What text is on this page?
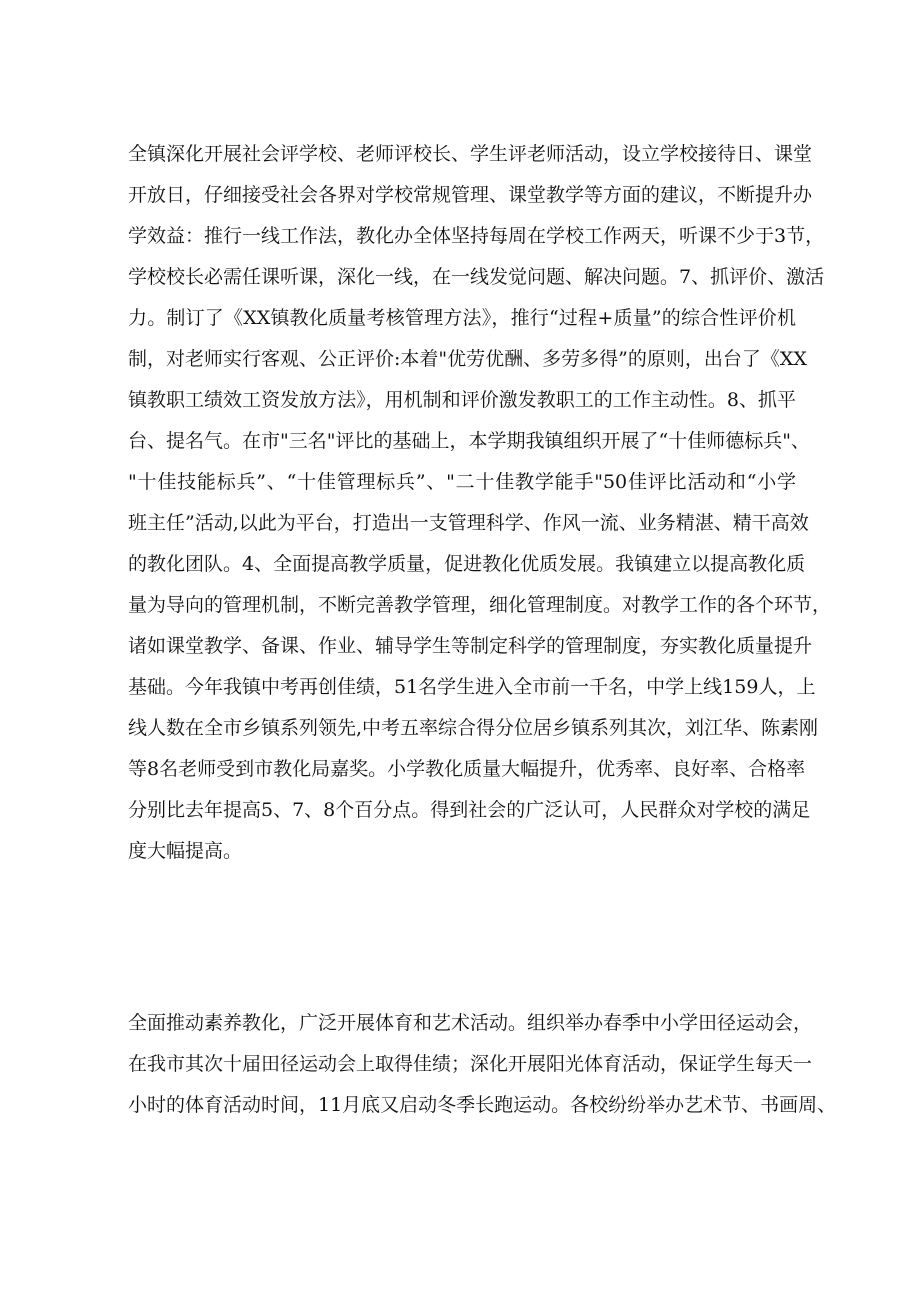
全镇深化开展社会评学校、老师评校长、学生评老师活动，设立学校接待日、课堂
开放日，仔细接受社会各界对学校常规管理、课堂教学等方面的建议，不断提升办
学效益：推行一线工作法，教化办全体坚持每周在学校工作两天，听课不少于3节，
学校校长必需任课听课，深化一线，在一线发觉问题、解决问题。7、抓评价、激活
力。制订了《XX镇教化质量考核管理方法》，推行“过程+质量”的综合性评价机
制，对老师实行客观、公正评价:本着"优劳优酬、多劳多得”的原则，出台了《XX
镇教职工绩效工资发放方法》，用机制和评价激发教职工的工作主动性。8、抓平
台、提名气。在市"三名"评比的基础上，本学期我镇组织开展了“十佳师德标兵"、
"十佳技能标兵”、“十佳管理标兵”、"二十佳教学能手"50佳评比活动和“小学
班主任”活动,以此为平台，打造出一支管理科学、作风一流、业务精湛、精干高效
的教化团队。4、全面提高教学质量，促进教化优质发展。我镇建立以提高教化质
量为导向的管理机制，不断完善教学管理，细化管理制度。对教学工作的各个环节，
诸如课堂教学、备课、作业、辅导学生等制定科学的管理制度，夯实教化质量提升
基础。今年我镇中考再创佳绩，51名学生进入全市前一千名，中学上线159人，上
线人数在全市乡镇系列领先,中考五率综合得分位居乡镇系列其次，刘江华、陈素刚
等8名老师受到市教化局嘉奖。小学教化质量大幅提升，优秀率、良好率、合格率
分别比去年提高5、7、8个百分点。得到社会的广泛认可，人民群众对学校的满足
度大幅提高。
全面推动素养教化，广泛开展体育和艺术活动。组织举办春季中小学田径运动会，
在我市其次十届田径运动会上取得佳绩；深化开展阳光体育活动，保证学生每天一
小时的体育活动时间，11月底又启动冬季长跑运动。各校纷纷举办艺术节、书画周、
